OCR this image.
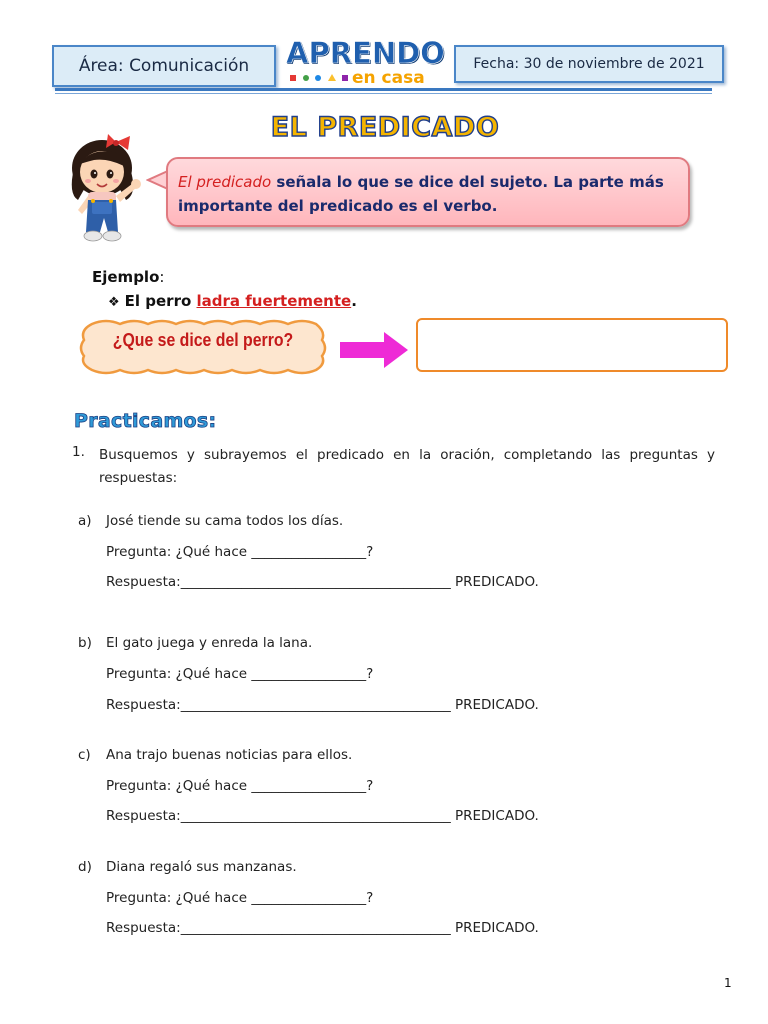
Área: Comunicación APRENDO
en casa
Fecha: 30 de noviembre de 2021
EL PREDICADO
El predicado señala lo que se dice del sujeto. La parte más importante del predicado es el verbo.
Ejemplo:
❖ El perro ladra fuertemente.
¿Que se dice del perro?
Practicamos:
1. Busquemos y subrayemos el predicado en la oración, completando las preguntas y respuestas:
a) José tiende su cama todos los días.
Pregunta: ¿Qué hace _________________?
Respuesta:________________________________________ PREDICADO.
b) El gato juega y enreda la lana.
Pregunta: ¿Qué hace _________________?
Respuesta:________________________________________ PREDICADO.
c) Ana trajo buenas noticias para ellos.
Pregunta: ¿Qué hace _________________?
Respuesta:________________________________________ PREDICADO.
d) Diana regaló sus manzanas.
Pregunta: ¿Qué hace _________________?
Respuesta:________________________________________ PREDICADO.
1
